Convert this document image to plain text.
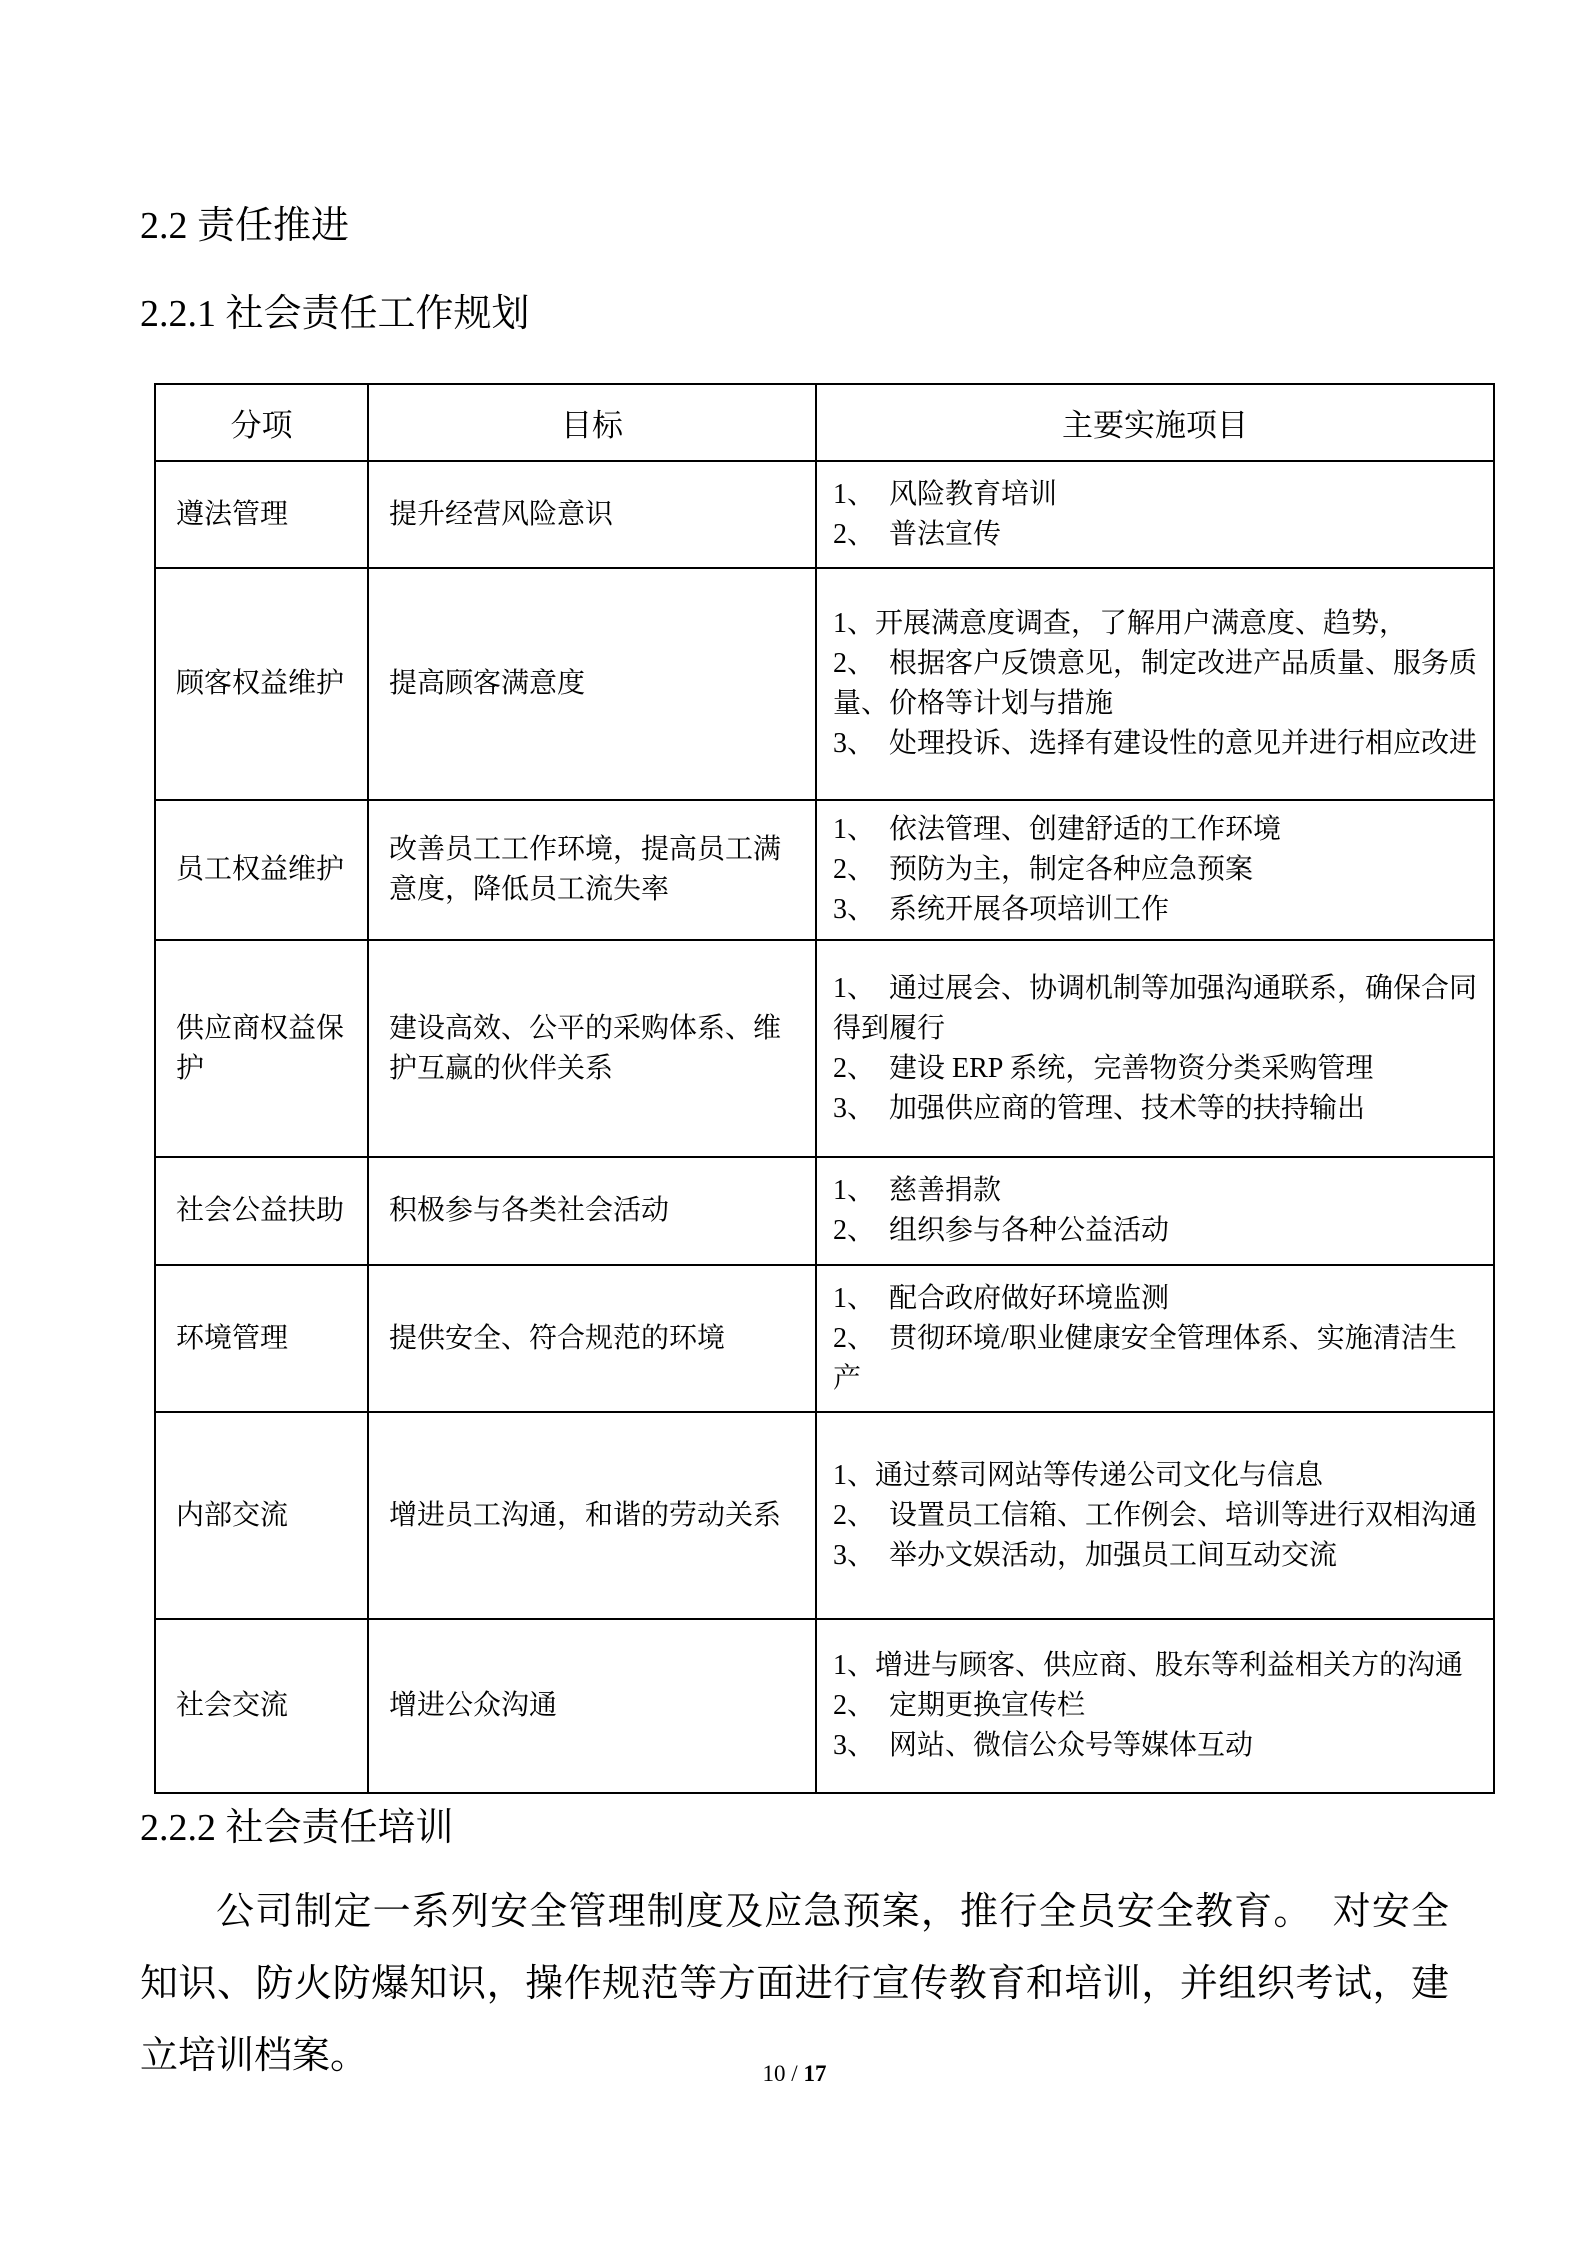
2.2 责任推进
2.2.1 社会责任工作规划
分项	目标	主要实施项目
遵法管理	提升经营风险意识	1、　风险教育培训
2、　普法宣传

顾客权益维护	提高顾客满意度	1、开展满意度调查，了解用户满意度、趋势，
2、　根据客户反馈意见，制定改进产品质量、服务质量、价格等计划与措施
3、　处理投诉、选择有建设性的意见并进行相应改进

员工权益维护	改善员工工作环境，提高员工满意度，降低员工流失率	1、　依法管理、创建舒适的工作环境
2、　预防为主，制定各种应急预案
3、　系统开展各项培训工作

供应商权益保护	建设高效、公平的采购体系、维护互赢的伙伴关系	1、　通过展会、协调机制等加强沟通联系，确保合同得到履行
2、　建设 ERP 系统，完善物资分类采购管理
3、　加强供应商的管理、技术等的扶持输出

社会公益扶助	积极参与各类社会活动	1、　慈善捐款
2、　组织参与各种公益活动

环境管理	提供安全、符合规范的环境	1、　配合政府做好环境监测
2、　贯彻环境/职业健康安全管理体系、实施清洁生产

内部交流	增进员工沟通，和谐的劳动关系	1、通过蔡司网站等传递公司文化与信息
2、　设置员工信箱、工作例会、培训等进行双相沟通
3、　举办文娱活动，加强员工间互动交流

社会交流	增进公众沟通	1、增进与顾客、供应商、股东等利益相关方的沟通
2、　定期更换宣传栏
3、　网站、微信公众号等媒体互动
2.2.2 社会责任培训
公司制定一系列安全管理制度及应急预案，推行全员安全教育。　对安全知识、防火防爆知识，操作规范等方面进行宣传教育和培训，并组织考试，建立培训档案。	10 / 17
